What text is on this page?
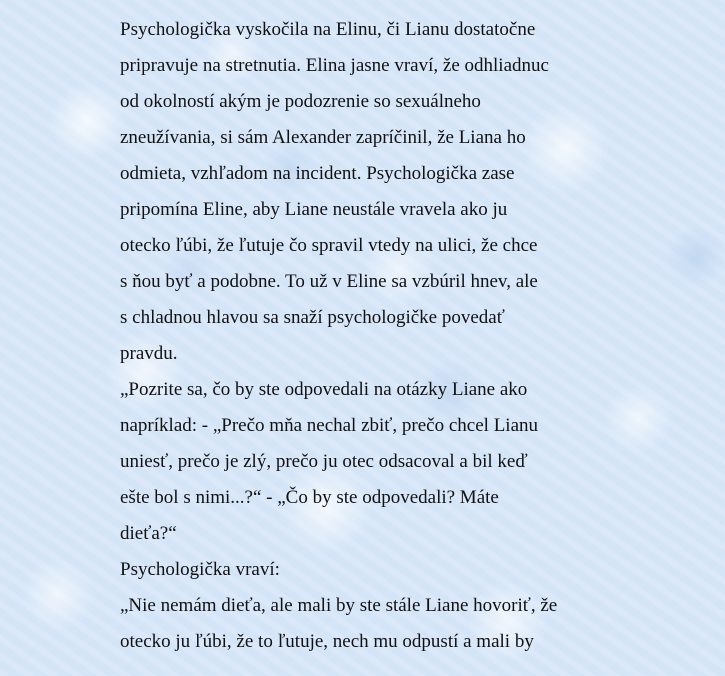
Psychologička vyskočila na Elinu, či Lianu dostatočne
pripravuje na stretnutia. Elina jasne vraví, že odhliadnuc
od okolností akým je podozrenie so sexuálneho
zneužívania, si sám Alexander zapríčinil, že Liana ho
odmieta, vzhľadom na incident. Psychologička zase
pripomína Eline, aby Liane neustále vravela ako ju
otecko ľúbi, že ľutuje čo spravil vtedy na ulici, že chce
s ňou byť a podobne. To už v Eline sa vzbúril hnev, ale
s chladnou hlavou sa snaží psychologičke povedať
pravdu.
„Pozrite sa, čo by ste odpovedali na otázky Liane ako
napríklad: - „Prečo mňa nechal zbiť, prečo chcel Lianu
uniesť, prečo je zlý, prečo ju otec odsacoval a bil keď
ešte bol s nimi...?“ - „Čo by ste odpovedali? Máte
dieťa?“
Psychologička vraví:
„Nie nemám dieťa, ale mali by ste stále Liane hovoriť, že
otecko ju ľúbi, že to ľutuje, nech mu odpustí a mali by
